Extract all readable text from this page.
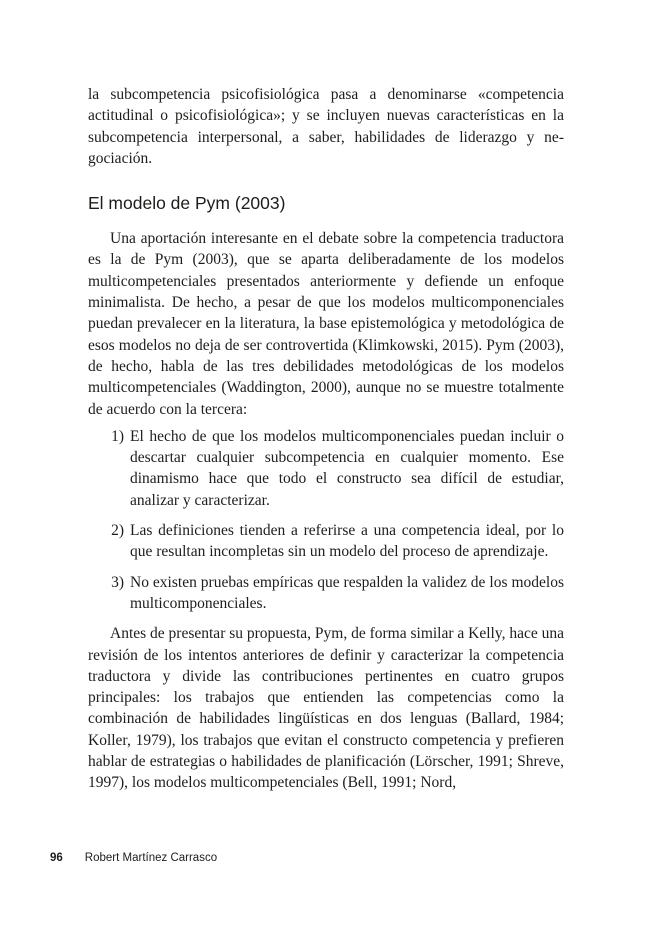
la subcompetencia psicofisiológica pasa a denominarse «competencia actitudinal o psicofisiológica»; y se incluyen nuevas características en la subcompetencia interpersonal, a saber, habilidades de liderazgo y negociación.

El modelo de Pym (2003)

Una aportación interesante en el debate sobre la competencia traductora es la de Pym (2003), que se aparta deliberadamente de los modelos multicompetenciales presentados anteriormente y defiende un enfoque minimalista. De hecho, a pesar de que los modelos multicomponenciales puedan prevalecer en la literatura, la base epistemológica y metodológica de esos modelos no deja de ser controvertida (Klimkowski, 2015). Pym (2003), de hecho, habla de las tres debilidades metodológicas de los modelos multicompetenciales (Waddington, 2000), aunque no se muestre totalmente de acuerdo con la tercera:

1) El hecho de que los modelos multicomponenciales puedan incluir o descartar cualquier subcompetencia en cualquier momento. Ese dinamismo hace que todo el constructo sea difícil de estudiar, analizar y caracterizar.
2) Las definiciones tienden a referirse a una competencia ideal, por lo que resultan incompletas sin un modelo del proceso de aprendizaje.
3) No existen pruebas empíricas que respalden la validez de los modelos multicomponenciales.

Antes de presentar su propuesta, Pym, de forma similar a Kelly, hace una revisión de los intentos anteriores de definir y caracterizar la competencia traductora y divide las contribuciones pertinentes en cuatro grupos principales: los trabajos que entienden las competencias como la combinación de habilidades lingüísticas en dos lenguas (Ballard, 1984; Koller, 1979), los trabajos que evitan el constructo competencia y prefieren hablar de estrategias o habilidades de planificación (Lörscher, 1991; Shreve, 1997), los modelos multicompetenciales (Bell, 1991; Nord,

96 Robert Martínez Carrasco
